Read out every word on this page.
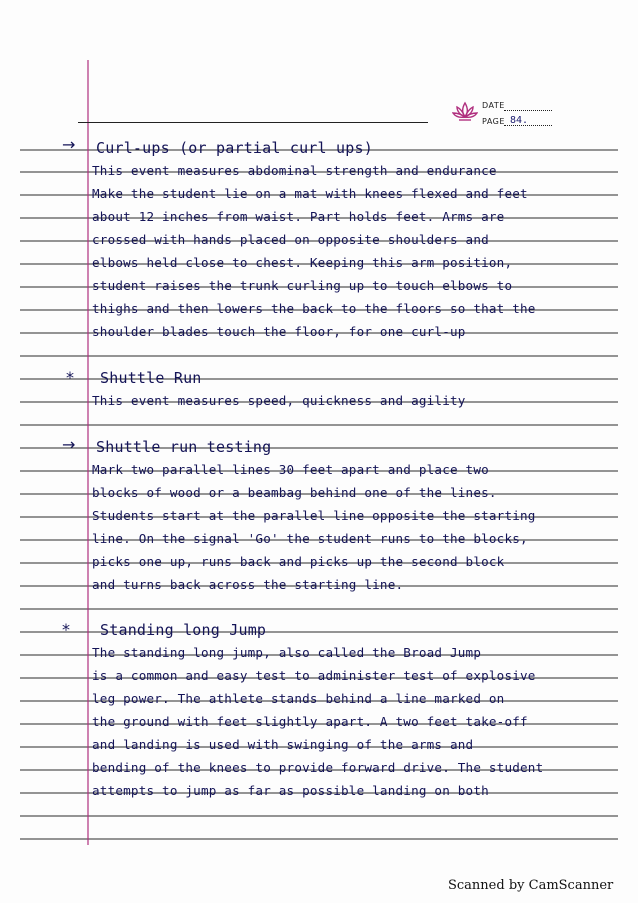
DATE
PAGE 84.
→ Curl-ups (or partial curl ups)
This event measures abdominal strength and endurance
Make the student lie on a mat with knees flexed and feet
about 12 inches from waist. Part holds feet. Arms are
crossed with hands placed on opposite shoulders and
elbows held close to chest. Keeping this arm position,
student raises the trunk curling up to touch elbows to
thighs and then lowers the back to the floors so that the
shoulder blades touch the floor, for one curl-up
* Shuttle Run
This event measures speed, quickness and agility
→ Shuttle run testing
Mark two parallel lines 30 feet apart and place two
blocks of wood or a beambag behind one of the lines.
Students start at the parallel line opposite the starting
line. On the signal 'Go' the student runs to the blocks,
picks one up, runs back and picks up the second block
and turns back across the starting line.
* Standing long Jump
The standing long jump, also called the Broad Jump
is a common and easy test to administer test of explosive
leg power. The athlete stands behind a line marked on
the ground with feet slightly apart. A two feet take-off
and landing is used with swinging of the arms and
bending of the knees to provide forward drive. The student
attempts to jump as far as possible landing on both
Scanned by CamScanner
